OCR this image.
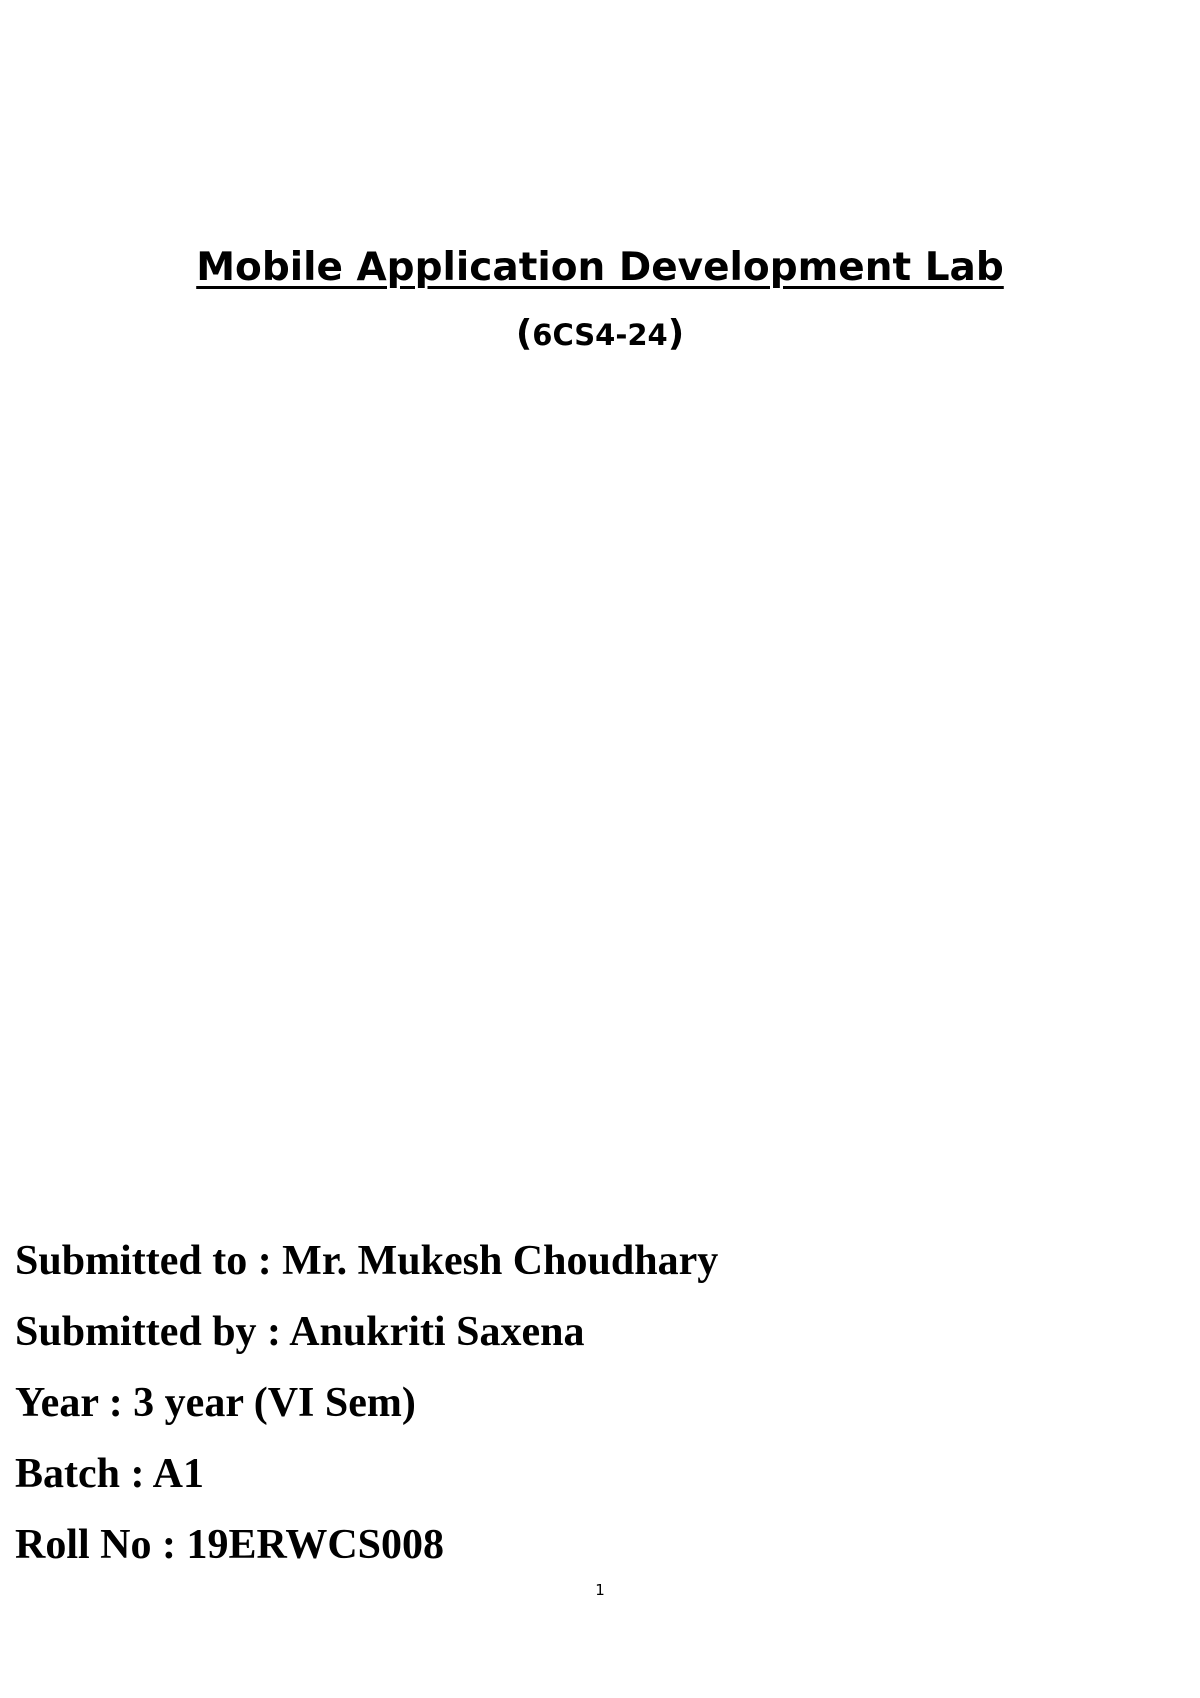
Mobile Application Development Lab
(6CS4-24)
Submitted to : Mr. Mukesh Choudhary
Submitted by : Anukriti Saxena
Year : 3 year (VI Sem)
Batch : A1
Roll No : 19ERWCS008
1
